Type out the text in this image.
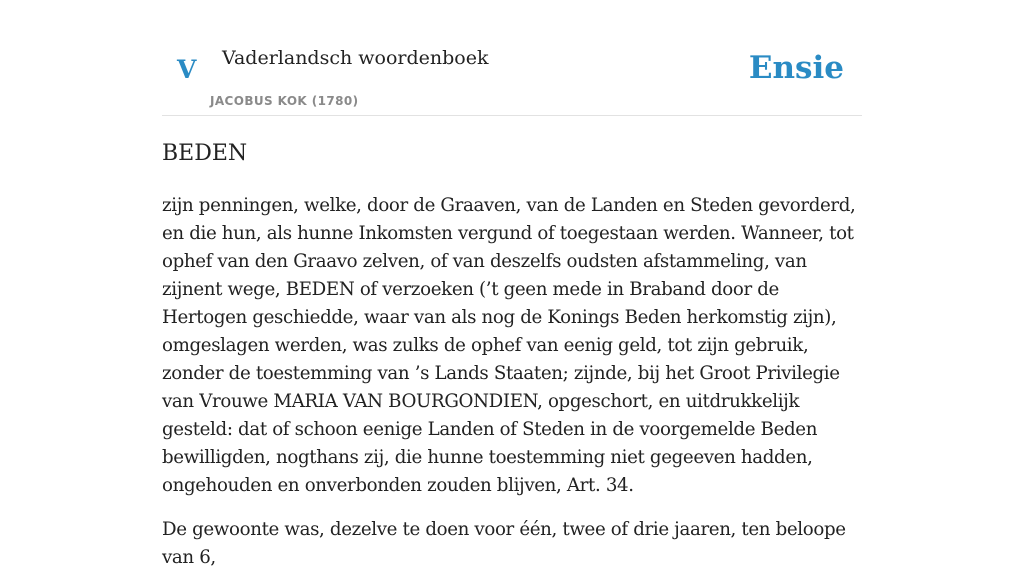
V Vaderlandsch woordenboek
JACOBUS KOK (1780)
Ensie
BEDEN

zijn penningen, welke, door de Graaven, van de Landen en Steden gevorderd, en die hun, als hunne Inkomsten vergund of toegestaan werden. Wanneer, tot ophef van den Graavo zelven, of van deszelfs oudsten afstammeling, van zijnent wege, BEDEN of verzoeken (’t geen mede in Braband door de Hertogen geschiedde, waar van als nog de Konings Beden herkomstig zijn), omgeslagen werden, was zulks de ophef van eenig geld, tot zijn gebruik, zonder de toestemming van ’s Lands Staaten; zijnde, bij het Groot Privilegie van Vrouwe MARIA VAN BOURGONDIEN, opgeschort, en uitdrukkelijk gesteld: dat of schoon eenige Landen of Steden in de voorgemelde Beden bewilligden, nogthans zij, die hunne toestemming niet gegeeven hadden, ongehouden en onverbonden zouden blijven, Art. 34.

De gewoonte was, dezelve te doen voor één, twee of drie jaaren, ten beloope van 6,
